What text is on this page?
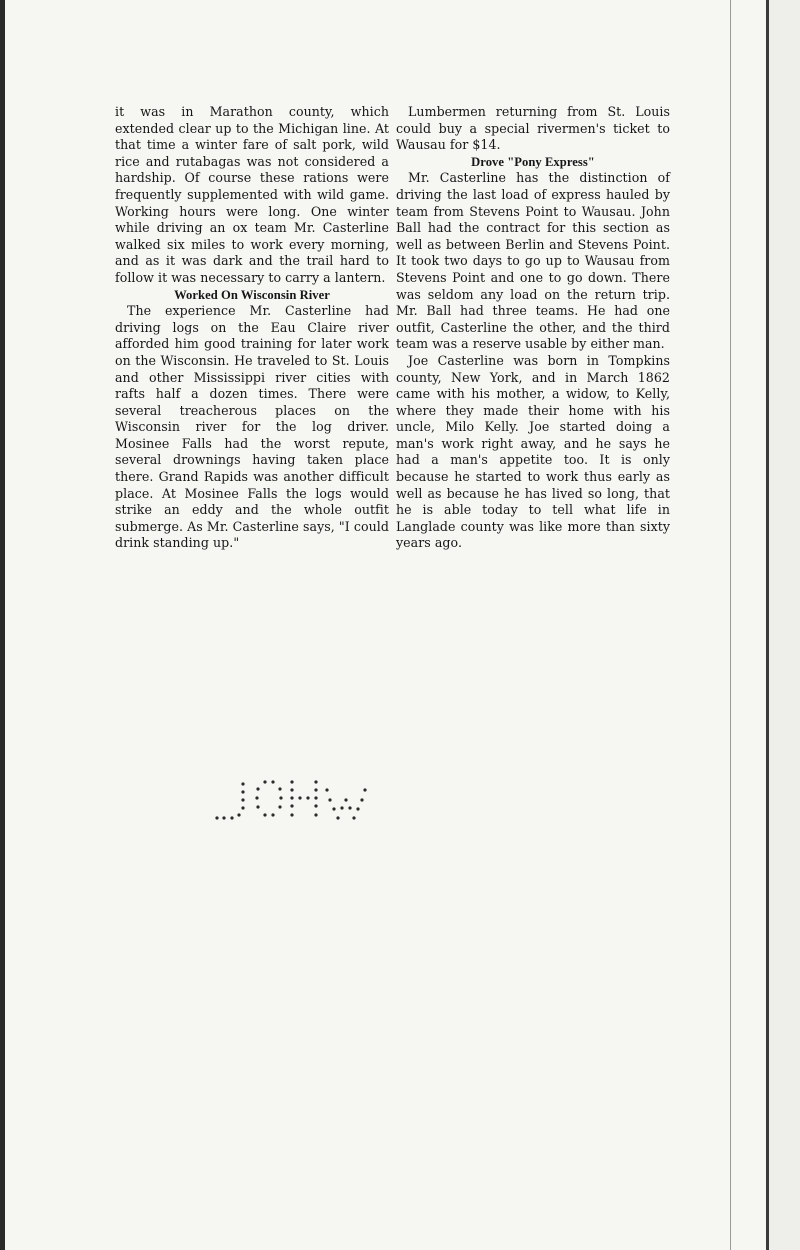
it was in Marathon county, which extended clear up to the Michigan line. At that time a winter fare of salt pork, wild rice and rutabagas was not considered a hardship. Of course these rations were frequently supplemented with wild game. Working hours were long. One winter while driving an ox team Mr. Casterline walked six miles to work every morning, and as it was dark and the trail hard to follow it was necessary to carry a lantern.

Worked On Wisconsin River

The experience Mr. Casterline had driving logs on the Eau Claire river afforded him good training for later work on the Wisconsin. He traveled to St. Louis and other Mississippi river cities with rafts half a dozen times. There were several treacherous places on the Wisconsin river for the log driver. Mosinee Falls had the worst repute, several drownings having taken place there. Grand Rapids was another difficult place. At Mosinee Falls the logs would strike an eddy and the whole outfit submerge. As Mr. Casterline says, "I could drink standing up."

Lumbermen returning from St. Louis could buy a special rivermen's ticket to Wausau for $14.

Drove "Pony Express"

Mr. Casterline has the distinction of driving the last load of express hauled by team from Stevens Point to Wausau. John Ball had the contract for this section as well as between Berlin and Stevens Point. It took two days to go up to Wausau from Stevens Point and one to go down. There was seldom any load on the return trip. Mr. Ball had three teams. He had one outfit, Casterline the other, and the third team was a reserve usable by either man.

Joe Casterline was born in Tompkins county, New York, and in March 1862 came with his mother, a widow, to Kelly, where they made their home with his uncle, Milo Kelly. Joe started doing a man's work right away, and he says he had a man's appetite too. It is only because he started to work thus early as well as because he has lived so long, that he is able today to tell what life in Langlade county was like more than sixty years ago.

JOHW
